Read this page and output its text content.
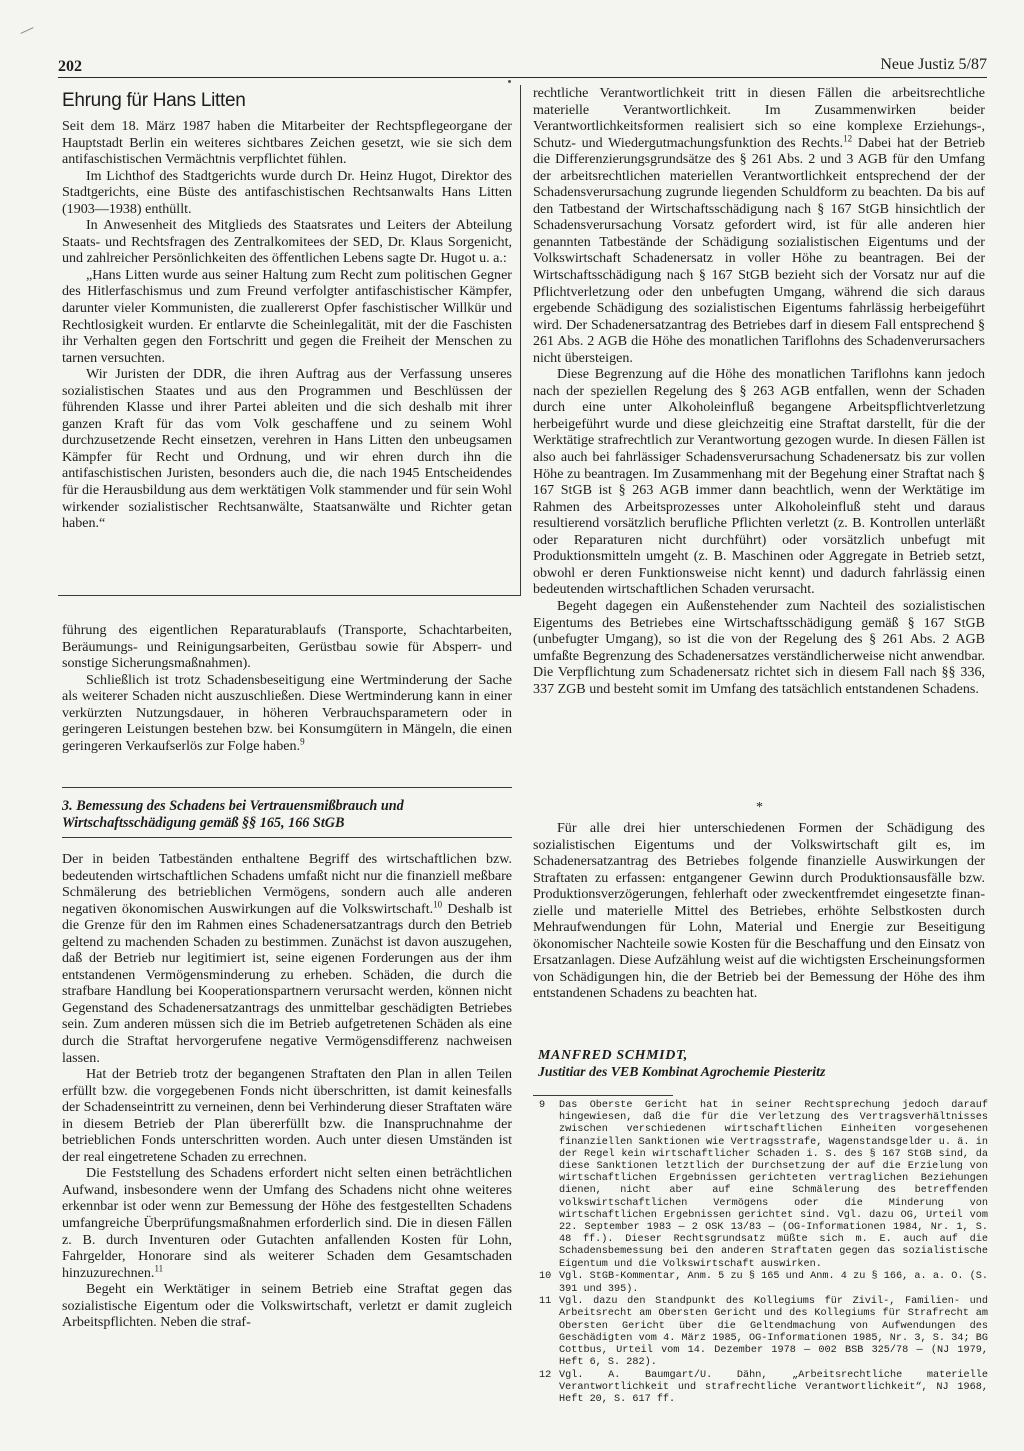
202	Neue Justiz 5/87
Ehrung für Hans Litten

Seit dem 18. März 1987 haben die Mitarbeiter der Rechtspflegeorgane der Hauptstadt Berlin ein weiteres sichtbares Zeichen gesetzt, wie sie sich dem antifaschistischen Vermächtnis verpflichtet fühlen.

Im Lichthof des Stadtgerichts wurde durch Dr. Heinz Hugot, Direktor des Stadtgerichts, eine Büste des antifaschistischen Rechtsanwalts Hans Litten (1903—1938) enthüllt.

In Anwesenheit des Mitglieds des Staatsrates und Leiters der Abteilung Staats- und Rechtsfragen des Zentralkomitees der SED, Dr. Klaus Sorgenicht, und zahlreicher Persönlichkeiten des öffentlichen Lebens sagte Dr. Hugot u. a.:

„Hans Litten wurde aus seiner Haltung zum Recht zum politischen Gegner des Hitlerfaschismus und zum Freund verfolgter antifaschistischer Kämpfer, darunter vieler Kommunisten, die zuallererst Opfer faschistischer Willkür und Rechtlosigkeit wurden. Er entlarvte die Scheinlegalität, mit der die Faschisten ihr Verhalten gegen den Fortschritt und gegen die Freiheit der Menschen zu tarnen versuchten.

Wir Juristen der DDR, die ihren Auftrag aus der Verfassung unseres sozialistischen Staates und aus den Programmen und Beschlüssen der führenden Klasse und ihrer Partei ableiten und die sich deshalb mit ihrer ganzen Kraft für das vom Volk geschaffene und zu seinem Wohl durchzusetzende Recht einsetzen, verehren in Hans Litten den unbeugsamen Kämpfer für Recht und Ordnung, und wir ehren durch ihn die antifaschistischen Juristen, besonders auch die, die nach 1945 Entscheidendes für die Herausbildung aus dem werktätigen Volk stammender und für sein Wohl wirkender sozialistischer Rechtsanwälte, Staatsanwälte und Richter getan haben.“

führung des eigentlichen Reparaturablaufs (Transporte, Schachtarbeiten, Beräumungs- und Reinigungsarbeiten, Gerüstbau sowie für Absperr- und sonstige Sicherungsmaßnahmen).

Schließlich ist trotz Schadensbeseitigung eine Wertminderung der Sache als weiterer Schaden nicht auszuschließen. Diese Wertminderung kann in einer verkürzten Nutzungsdauer, in höheren Verbrauchsparametern oder in geringeren Leistungen bestehen bzw. bei Konsumgütern in Mängeln, die einen geringeren Verkaufserlös zur Folge haben.$^9$

3. Bemessung des Schadens bei Vertrauensmißbrauch und Wirtschaftsschädigung gemäß §§ 165, 166 StGB

Der in beiden Tatbeständen enthaltene Begriff des wirtschaftlichen bzw. bedeutenden wirtschaftlichen Schadens umfaßt nicht nur die finanziell meßbare Schmälerung des betrieblichen Vermögens, sondern auch alle anderen negativen ökonomischen Auswirkungen auf die Volkswirtschaft.$^{10}$ Deshalb ist die Grenze für den im Rahmen eines Schadenersatzantrags durch den Betrieb geltend zu machenden Schaden zu bestimmen. Zunächst ist davon auszugehen, daß der Betrieb nur legitimiert ist, seine eigenen Forderungen aus der ihm entstandenen Vermögensminderung zu erheben. Schäden, die durch die strafbare Handlung bei Kooperationspartnern verursacht werden, können nicht Gegenstand des Schadenersatzantrags des unmittelbar geschädigten Betriebes sein. Zum anderen müssen sich die im Betrieb aufgetretenen Schäden als eine durch die Straftat hervorgerufene negative Vermögensdifferenz nachweisen lassen.

Hat der Betrieb trotz der begangenen Straftaten den Plan in allen Teilen erfüllt bzw. die vorgegebenen Fonds nicht überschritten, ist damit keinesfalls der Schadenseintritt zu verneinen, denn bei Verhinderung dieser Straftaten wäre in diesem Betrieb der Plan übererfüllt bzw. die Inanspruchnahme der betrieblichen Fonds unterschritten worden. Auch unter diesen Umständen ist der real eingetretene Schaden zu errechnen.

Die Feststellung des Schadens erfordert nicht selten einen beträchtlichen Aufwand, insbesondere wenn der Umfang des Schadens nicht ohne weiteres erkennbar ist oder wenn zur Bemessung der Höhe des festgestellten Schadens umfangreiche Überprüfungsmaßnahmen erforderlich sind. Die in diesen Fällen z. B. durch Inventuren oder Gutachten anfallenden Kosten für Lohn, Fahrgelder, Honorare sind als weiterer Schaden dem Gesamtschaden hinzuzurechnen.$^{11}$

Begeht ein Werktätiger in seinem Betrieb eine Straftat gegen das sozialistische Eigentum oder die Volkswirtschaft, verletzt er damit zugleich Arbeitspflichten. Neben die straf-

rechtliche Verantwortlichkeit tritt in diesen Fällen die arbeitsrechtliche materielle Verantwortlichkeit. Im Zusammenwirken beider Verantwortlichkeitsformen realisiert sich so eine komplexe Erziehungs-, Schutz- und Wiedergutmachungsfunktion des Rechts.$^{12}$ Dabei hat der Betrieb die Differenzierungsgrundsätze des § 261 Abs. 2 und 3 AGB für den Umfang der arbeitsrechtlichen materiellen Verantwortlichkeit entsprechend der der Schadensverursachung zugrunde liegenden Schuldform zu beachten. Da bis auf den Tatbestand der Wirtschaftsschädigung nach § 167 StGB hinsichtlich der Schadensverursachung Vorsatz gefordert wird, ist für alle anderen hier genannten Tatbestände der Schädigung sozialistischen Eigentums und der Volkswirtschaft Schadenersatz in voller Höhe zu beantragen. Bei der Wirtschaftsschädigung nach § 167 StGB bezieht sich der Vorsatz nur auf die Pflichtverletzung oder den unbefugten Umgang, während die sich daraus ergebende Schädigung des sozialistischen Eigentums fahrlässig herbeigeführt wird. Der Schadenersatzantrag des Betriebes darf in diesem Fall entsprechend § 261 Abs. 2 AGB die Höhe des monatlichen Tariflohns des Schadenverursachers nicht übersteigen.

Diese Begrenzung auf die Höhe des monatlichen Tariflohns kann jedoch nach der speziellen Regelung des § 263 AGB entfallen, wenn der Schaden durch eine unter Alkoholeinfluß begangene Arbeitspflichtverletzung herbeigeführt wurde und diese gleichzeitig eine Straftat darstellt, für die der Werktätige strafrechtlich zur Verantwortung gezogen wurde. In diesen Fällen ist also auch bei fahrlässiger Schadensverursachung Schadenersatz bis zur vollen Höhe zu beantragen. Im Zusammenhang mit der Begehung einer Straftat nach § 167 StGB ist § 263 AGB immer dann beachtlich, wenn der Werktätige im Rahmen des Arbeitsprozesses unter Alkoholeinfluß steht und daraus resultierend vorsätzlich berufliche Pflichten verletzt (z. B. Kontrollen unterläßt oder Reparaturen nicht durchführt) oder vorsätzlich unbefugt mit Produktionsmitteln umgeht (z. B. Maschinen oder Aggregate in Betrieb setzt, obwohl er deren Funktionsweise nicht kennt) und dadurch fahrlässig einen bedeutenden wirtschaftlichen Schaden verursacht.

Begeht dagegen ein Außenstehender zum Nachteil des sozialistischen Eigentums des Betriebes eine Wirtschaftsschädigung gemäß § 167 StGB (unbefugter Umgang), so ist die von der Regelung des § 261 Abs. 2 AGB umfaßte Begrenzung des Schadenersatzes verständlicherweise nicht anwendbar. Die Verpflichtung zum Schadenersatz richtet sich in diesem Fall nach §§ 336, 337 ZGB und besteht somit im Umfang des tatsächlich entstandenen Schadens.

*

Für alle drei hier unterschiedenen Formen der Schädigung des sozialistischen Eigentums und der Volkswirtschaft gilt es, im Schadenersatzantrag des Betriebes folgende finanzielle Auswirkungen der Straftaten zu erfassen: entgangener Gewinn durch Produktionsausfälle bzw. Produktionsverzögerungen, fehlerhaft oder zweckentfremdet eingesetzte finanzielle und materielle Mittel des Betriebes, erhöhte Selbstkosten durch Mehraufwendungen für Lohn, Material und Energie zur Beseitigung ökonomischer Nachteile sowie Kosten für die Beschaffung und den Einsatz von Ersatzanlagen. Diese Aufzählung weist auf die wichtigsten Erscheinungsformen von Schädigungen hin, die der Betrieb bei der Bemessung der Höhe des ihm entstandenen Schadens zu beachten hat.

MANFRED SCHMIDT,
Justitiar des VEB Kombinat Agrochemie Piesteritz
9	Das Oberste Gericht hat in seiner Rechtsprechung jedoch darauf hingewiesen, daß die für die Verletzung des Vertragsverhältnisses zwischen verschiedenen wirtschaftlichen Einheiten vorgesehenen finanziellen Sanktionen wie Vertragsstrafe, Wagenstandsgelder u. ä. in der Regel kein wirtschaftlicher Schaden i. S. des § 167 StGB sind, da diese Sanktionen letztlich der Durchsetzung der auf die Erzielung von wirtschaftlichen Ergebnissen gerichteten vertraglichen Beziehungen dienen, nicht aber auf eine Schmälerung des betreffenden volkswirtschaftlichen Vermögens oder die Minderung von wirtschaftlichen Ergebnissen gerichtet sind. Vgl. dazu OG, Urteil vom 22. September 1983 — 2 OSK 13/83 — (OG-Informationen 1984, Nr. 1, S. 48 ff.). Dieser Rechtsgrundsatz müßte sich m. E. auch auf die Schadensbemessung bei den anderen Straftaten gegen das sozialistische Eigentum und die Volkswirtschaft auswirken.
10 Vgl. StGB-Kommentar, Anm. 5 zu § 165 und Anm. 4 zu § 166, a. a. O. (S. 391 und 395).
11 Vgl. dazu den Standpunkt des Kollegiums für Zivil-, Familien- und Arbeitsrecht am Obersten Gericht und des Kollegiums für Strafrecht am Obersten Gericht über die Geltendmachung von Aufwendungen des Geschädigten vom 4. März 1985, OG-Informationen 1985, Nr. 3, S. 34; BG Cottbus, Urteil vom 14. Dezember 1978 — 002 BSB 325/78 — (NJ 1979, Heft 6, S. 282).
12 Vgl. A. Baumgart/U. Dähn, „Arbeitsrechtliche materielle Verantwortlichkeit und strafrechtliche Verantwortlichkeit“, NJ 1968, Heft 20, S. 617 ff.
